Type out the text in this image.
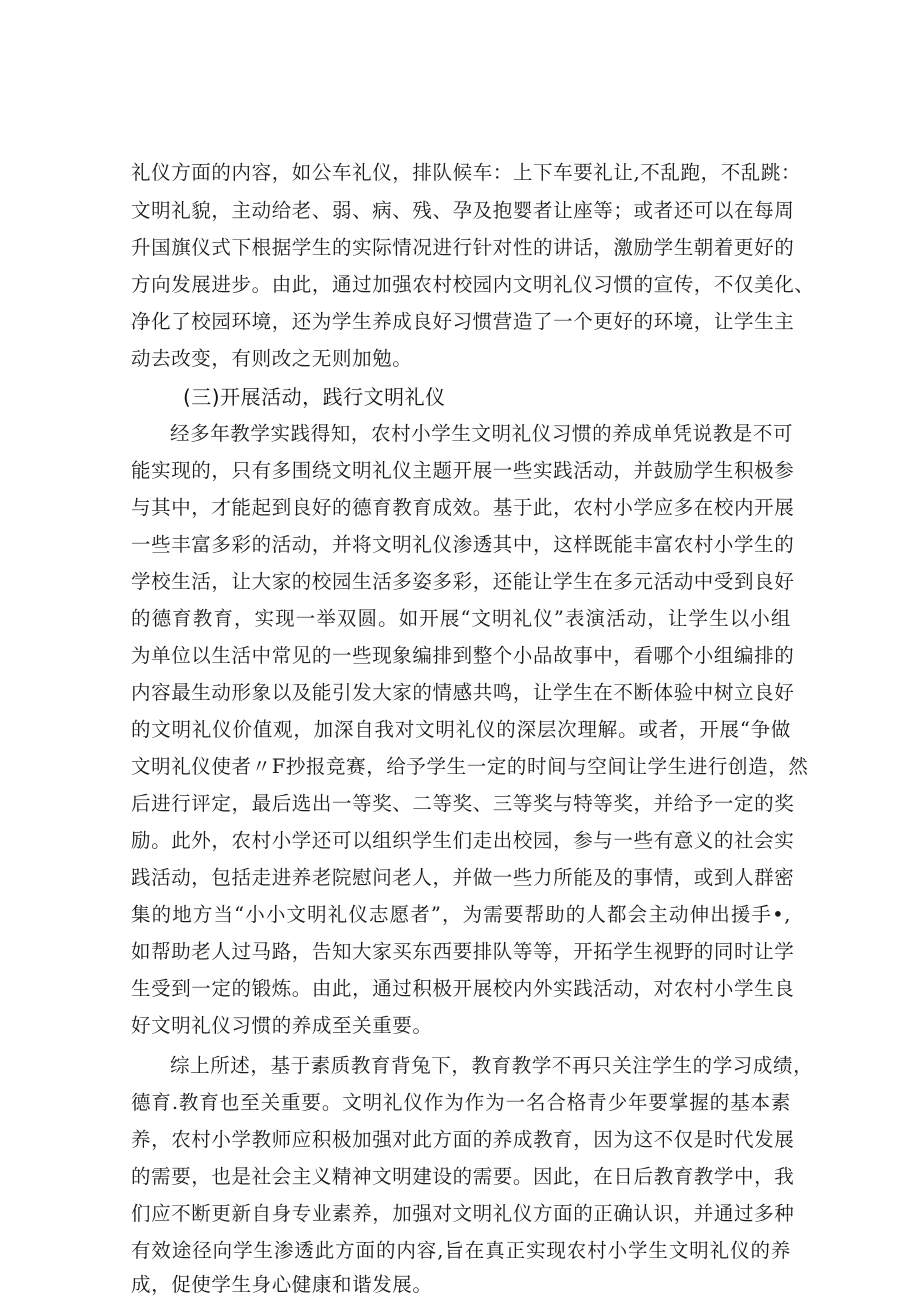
礼仪方面的内容，如公车礼仪，排队候车：上下车要礼让,不乱跑，不乱跳：
文明礼貌，主动给老、弱、病、残、孕及抱婴者让座等；或者还可以在每周
升国旗仪式下根据学生的实际情况进行针对性的讲话，激励学生朝着更好的
方向发展进步。由此，通过加强农村校园内文明礼仪习惯的宣传，不仅美化、
净化了校园环境，还为学生养成良好习惯营造了一个更好的环境，让学生主
动去改变，有则改之无则加勉。
(三)开展活动，践行文明礼仪
经多年教学实践得知，农村小学生文明礼仪习惯的养成单凭说教是不可
能实现的，只有多围绕文明礼仪主题开展一些实践活动，并鼓励学生积极参
与其中，才能起到良好的德育教育成效。基于此，农村小学应多在校内开展
一些丰富多彩的活动，并将文明礼仪渗透其中，这样既能丰富农村小学生的
学校生活，让大家的校园生活多姿多彩，还能让学生在多元活动中受到良好
的德育教育，实现一举双圆。如开展“文明礼仪”表演活动，让学生以小组
为单位以生活中常见的一些现象编排到整个小品故事中，看哪个小组编排的
内容最生动形象以及能引发大家的情感共鸣，让学生在不断体验中树立良好
的文明礼仪价值观，加深自我对文明礼仪的深层次理解。或者，开展“争做
文明礼仪使者〃F抄报竞赛，给予学生一定的时间与空间让学生进行创造，然
后进行评定，最后选出一等奖、二等奖、三等奖与特等奖，并给予一定的奖
励。此外，农村小学还可以组织学生们走出校园，参与一些有意义的社会实
践活动，包括走进养老院慰问老人，并做一些力所能及的事情，或到人群密
集的地方当“小小文明礼仪志愿者”，为需要帮助的人都会主动伸出援手•,
如帮助老人过马路，告知大家买东西要排队等等，开拓学生视野的同时让学
生受到一定的锻炼。由此，通过积极开展校内外实践活动，对农村小学生良
好文明礼仪习惯的养成至关重要。
综上所述，基于素质教育背兔下，教育教学不再只关注学生的学习成绩，
德育.教育也至关重要。文明礼仪作为作为一名合格青少年要掌握的基本素
养，农村小学教师应积极加强对此方面的养成教育，因为这不仅是时代发展
的需要，也是社会主义精神文明建设的需要。因此，在日后教育教学中，我
们应不断更新自身专业素养，加强对文明礼仪方面的正确认识，并通过多种
有效途径向学生渗透此方面的内容,旨在真正实现农村小学生文明礼仪的养
成，促使学生身心健康和谐发展。
